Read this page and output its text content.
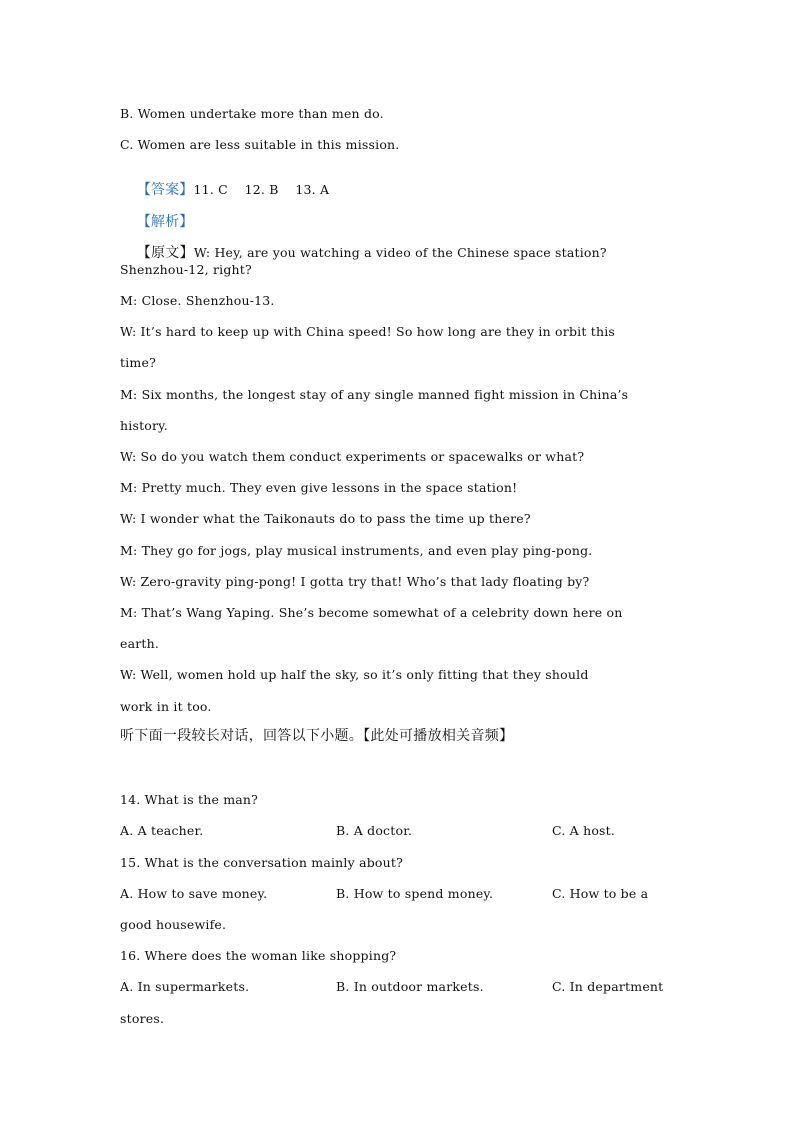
B. Women undertake more than men do.
C. Women are less suitable in this mission.

【答案】11. C    12. B    13. A

【解析】

【原文】W: Hey, are you watching a video of the Chinese space station?

Shenzhou-12, right?
M: Close. Shenzhou-13.
W: It’s hard to keep up with China speed! So how long are they in orbit this
time?
M: Six months, the longest stay of any single manned fight mission in China’s
history.
W: So do you watch them conduct experiments or spacewalks or what?
M: Pretty much. They even give lessons in the space station!
W: I wonder what the Taikonauts do to pass the time up there?
M: They go for jogs, play musical instruments, and even play ping-pong.
W: Zero-gravity ping-pong! I gotta try that! Who’s that lady floating by?
M: That’s Wang Yaping. She’s become somewhat of a celebrity down here on
earth.
W: Well, women hold up half the sky, so it’s only fitting that they should
work in it too.
听下面一段较长对话，回答以下小题。【此处可播放相关音频】
14. What is the man?
A. A teacher.	B. A doctor.	C. A host.
15. What is the conversation mainly about?
A. How to save money.	B. How to spend money.	C. How to be a
good housewife.
16. Where does the woman like shopping?
A. In supermarkets.	B. In outdoor markets.	C. In department
stores.
